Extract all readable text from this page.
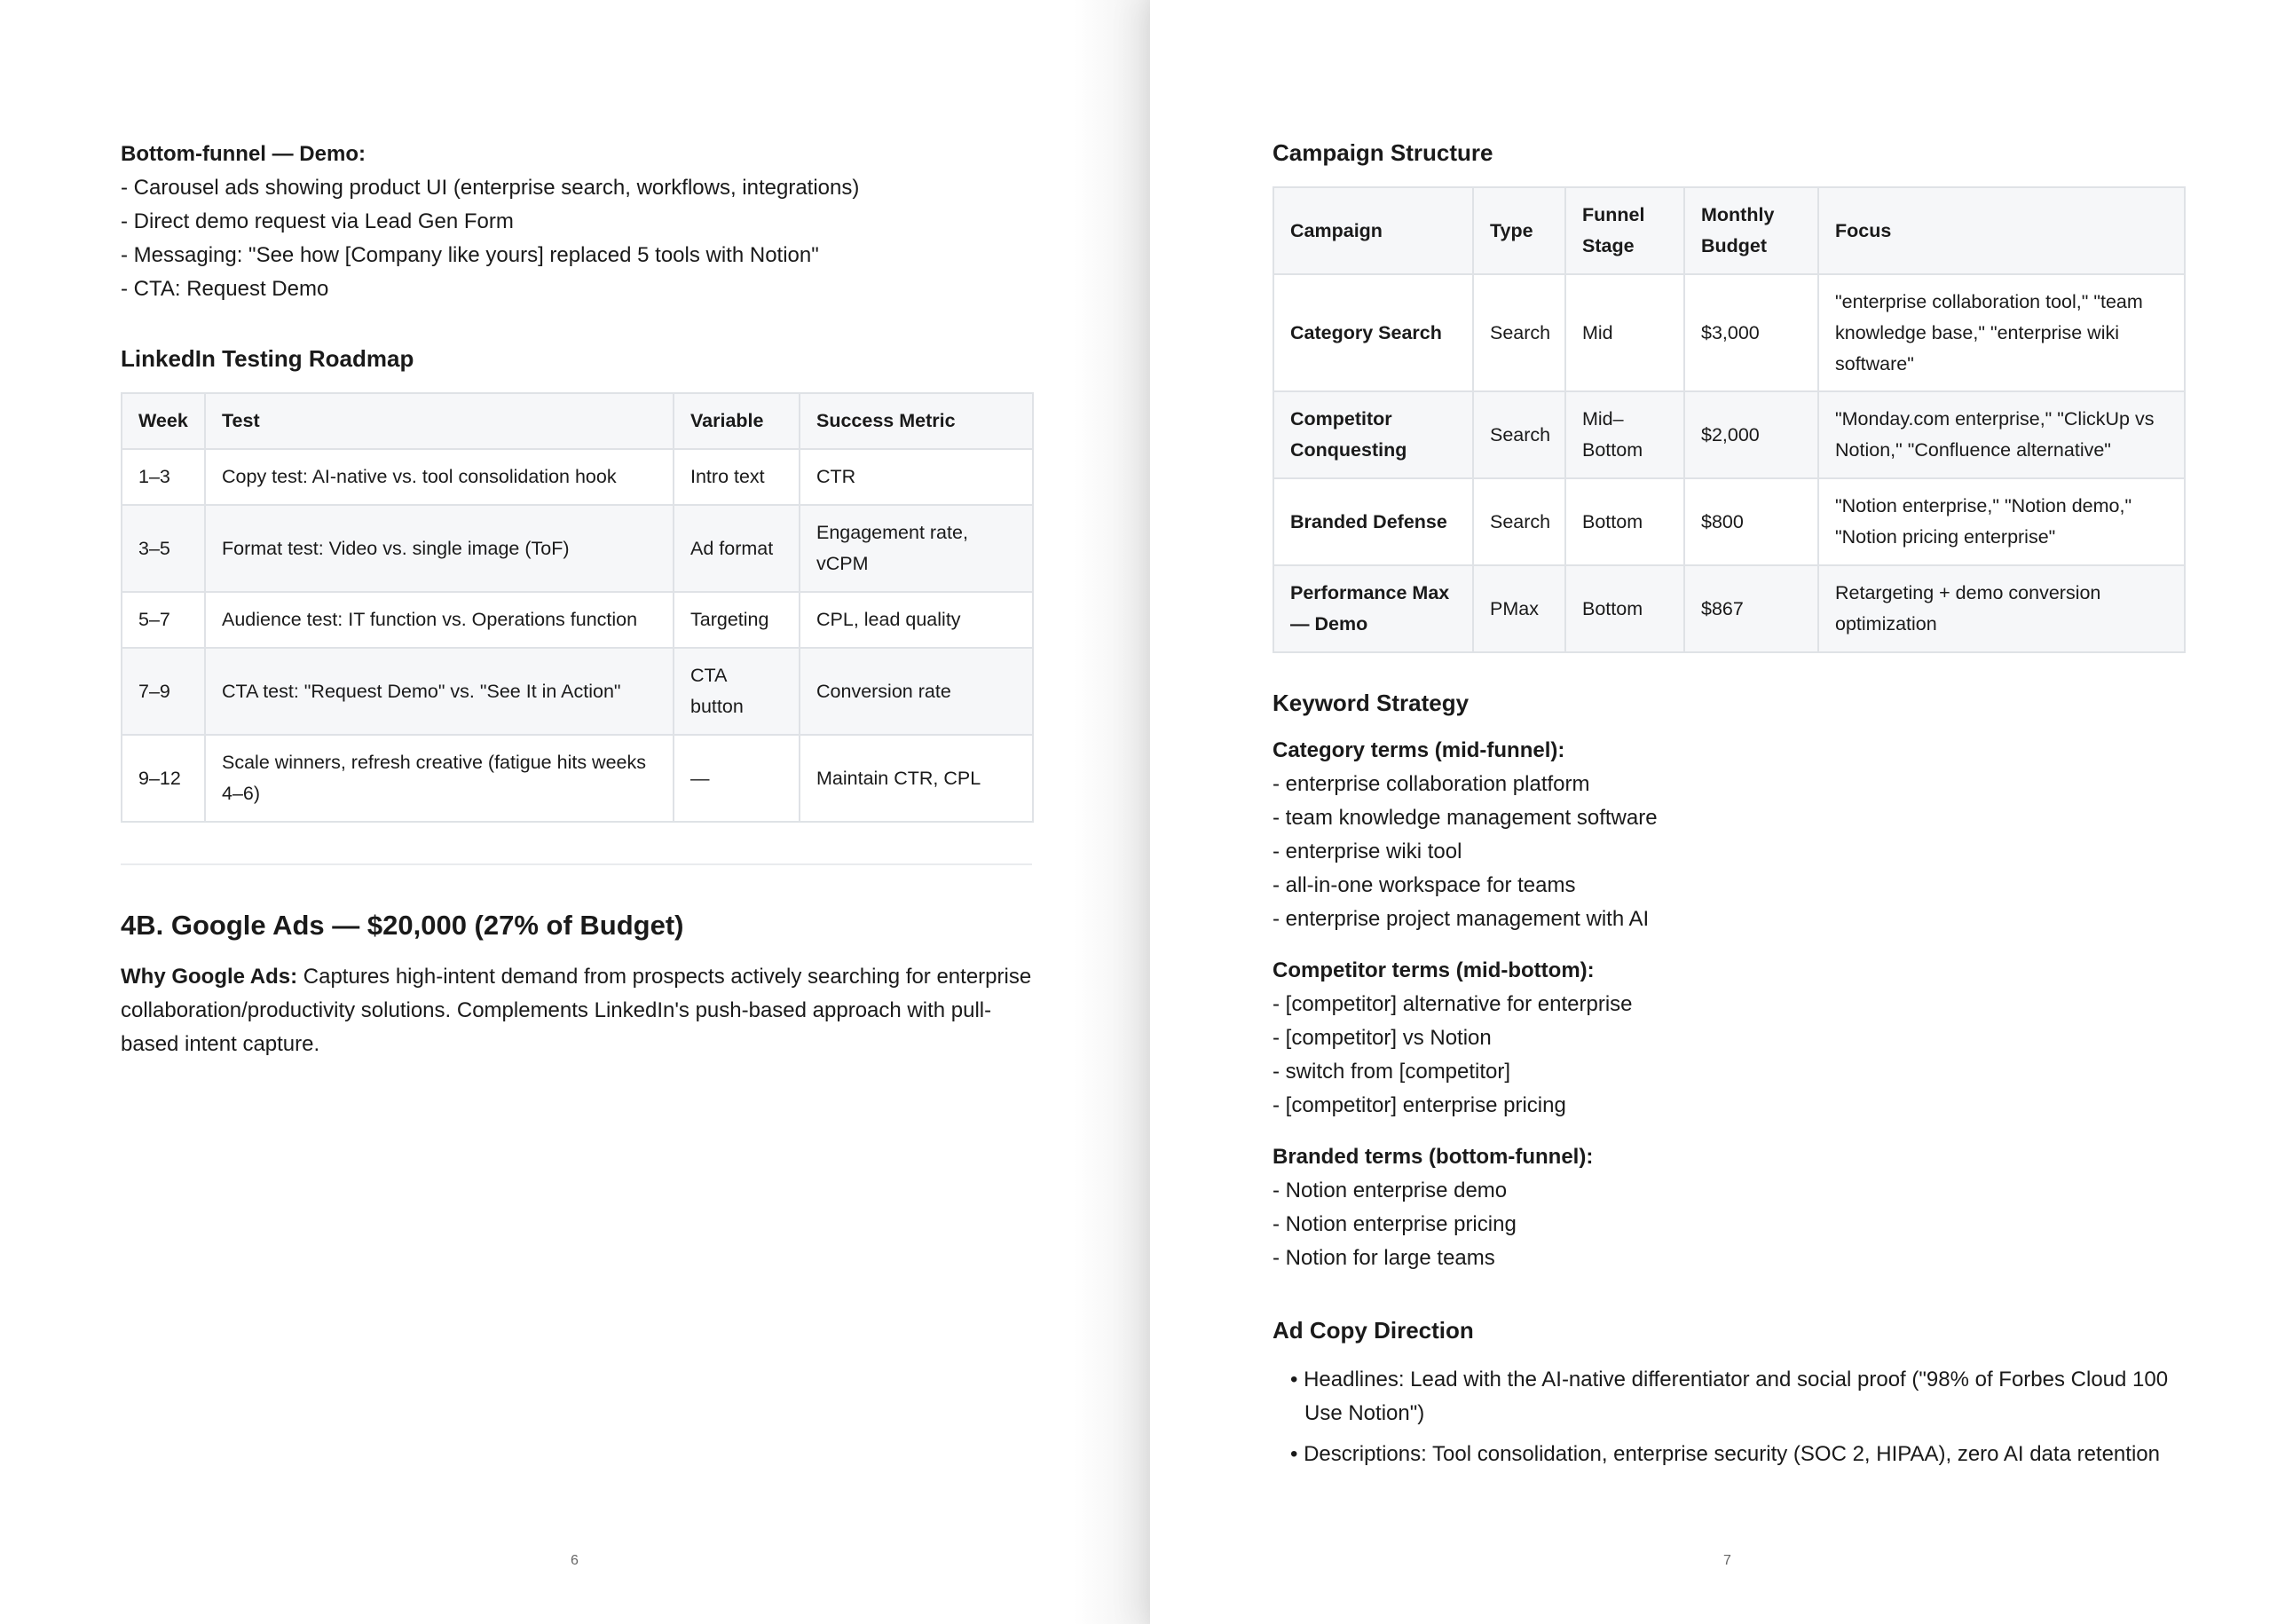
Bottom-funnel — Demo:
- Carousel ads showing product UI (enterprise search, workflows, integrations)
- Direct demo request via Lead Gen Form
- Messaging: "See how [Company like yours] replaced 5 tools with Notion"
- CTA: Request Demo
LinkedIn Testing Roadmap
Week	Test	Variable	Success Metric
1–3	Copy test: AI-native vs. tool consolidation hook	Intro text	CTR
3–5	Format test: Video vs. single image (ToF)	Ad format	Engagement rate, vCPM
5–7	Audience test: IT function vs. Operations function	Targeting	CPL, lead quality
7–9	CTA test: "Request Demo" vs. "See It in Action"	CTA button	Conversion rate
9–12	Scale winners, refresh creative (fatigue hits weeks 4–6)	—	Maintain CTR, CPL
4B. Google Ads — $20,000 (27% of Budget)

Why Google Ads: Captures high-intent demand from prospects actively searching for enterprise collaboration/productivity solutions. Complements LinkedIn's push-based approach with pull-based intent capture.

6
Campaign Structure
Campaign	Type	Funnel Stage	Monthly Budget	Focus
Category Search	Search	Mid	$3,000	"enterprise collaboration tool," "team knowledge base," "enterprise wiki software"
Competitor Conquesting	Search	Mid–Bottom	$2,000	"Monday.com enterprise," "ClickUp vs Notion," "Confluence alternative"
Branded Defense	Search	Bottom	$800	"Notion enterprise," "Notion demo," "Notion pricing enterprise"
Performance Max — Demo	PMax	Bottom	$867	Retargeting + demo conversion optimization
Keyword Strategy
Category terms (mid-funnel):
- enterprise collaboration platform
- team knowledge management software
- enterprise wiki tool
- all-in-one workspace for teams
- enterprise project management with AI
Competitor terms (mid-bottom):
- [competitor] alternative for enterprise
- [competitor] vs Notion
- switch from [competitor]
- [competitor] enterprise pricing
Branded terms (bottom-funnel):
- Notion enterprise demo
- Notion enterprise pricing
- Notion for large teams
Ad Copy Direction
• Headlines: Lead with the AI-native differentiator and social proof ("98% of Forbes Cloud 100 Use Notion")
• Descriptions: Tool consolidation, enterprise security (SOC 2, HIPAA), zero AI data retention
7
